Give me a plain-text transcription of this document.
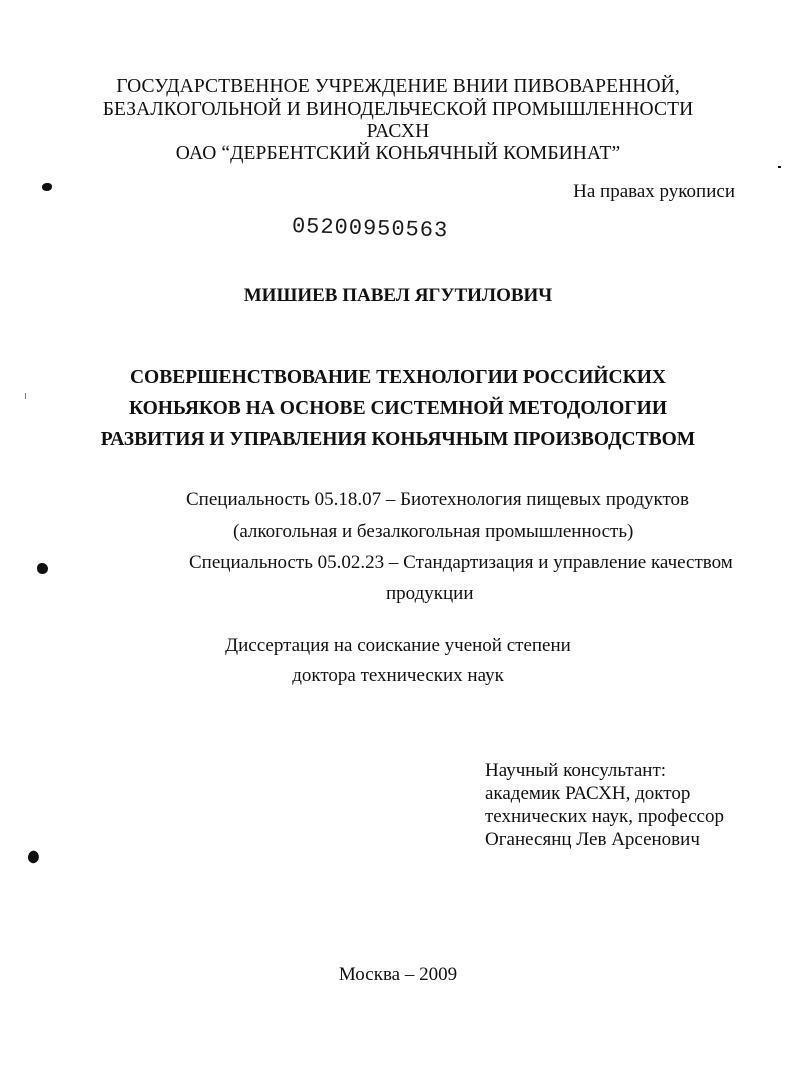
ГОСУДАРСТВЕННОЕ УЧРЕЖДЕНИЕ ВНИИ ПИВОВАРЕННОЙ,
БЕЗАЛКОГОЛЬНОЙ И ВИНОДЕЛЬЧЕСКОЙ ПРОМЫШЛЕННОСТИ
РАСХН
ОАО “ДЕРБЕНТСКИЙ КОНЬЯЧНЫЙ КОМБИНАТ”
На правах рукописи
05200950563
МИШИЕВ ПАВЕЛ ЯГУТИЛОВИЧ
СОВЕРШЕНСТВОВАНИЕ ТЕХНОЛОГИИ РОССИЙСКИХ
КОНЬЯКОВ НА ОСНОВЕ СИСТЕМНОЙ МЕТОДОЛОГИИ
РАЗВИТИЯ И УПРАВЛЕНИЯ КОНЬЯЧНЫМ ПРОИЗВОДСТВОМ
Специальность 05.18.07 – Биотехнология пищевых продуктов
(алкогольная и безалкогольная промышленность)
Специальность 05.02.23 – Стандартизация и управление качеством
продукции
Диссертация на соискание ученой степени
доктора технических наук
Научный консультант:
академик РАСХН, доктор
технических наук, профессор
Оганесянц Лев Арсенович
Москва – 2009
